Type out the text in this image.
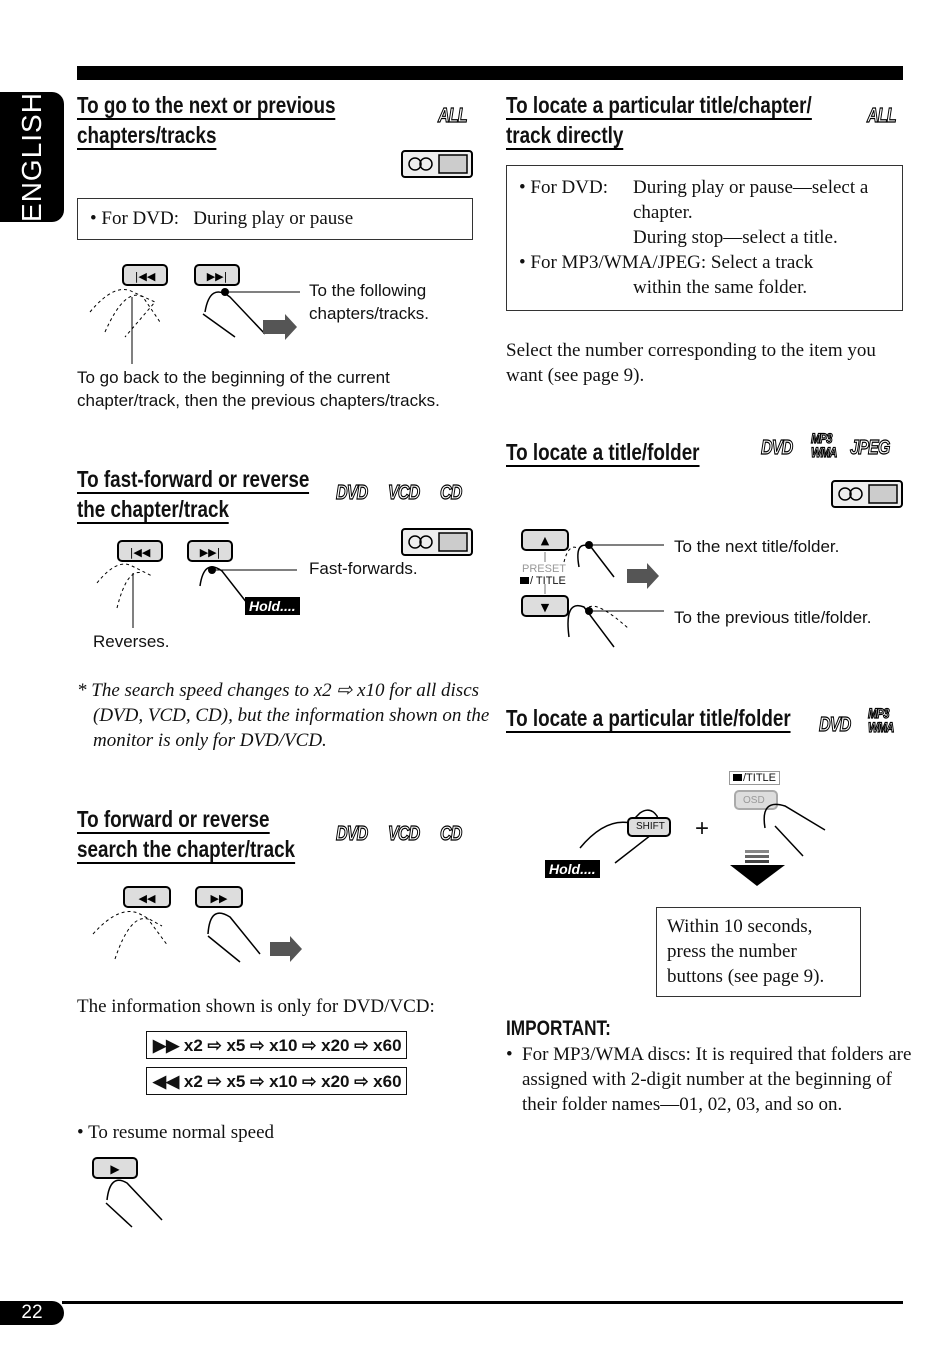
ENGLISH
22
To go to the next or previous
chapters/tracks
ALL
• For DVD: During play or pause
|◀◀	▶▶|
To the following chapters/tracks.
To go back to the beginning of the current chapter/track, then the previous chapters/tracks.
To fast-forward or reverse
the chapter/track
DVD VCD CD
|◀◀	▶▶|
Fast-forwards.
Hold....
Reverses.
* The search speed changes to x2 ⇨ x10 for all discs (DVD, VCD, CD), but the information shown on the monitor is only for DVD/VCD.
To forward or reverse
search the chapter/track
DVD VCD CD
◀◀	▶▶
The information shown is only for DVD/VCD:
▶▶ x2 ⇨ x5 ⇨ x10 ⇨ x20 ⇨ x60
◀◀ x2 ⇨ x5 ⇨ x10 ⇨ x20 ⇨ x60
• To resume normal speed
▶
To locate a particular title/chapter/
track directly
ALL
• For DVD:	During play or pause—select a
chapter.
During stop—select a title.
• For MP3/WMA/JPEG: Select a track
within the same folder.
Select the number corresponding to the item you want (see page 9).
To locate a title/folder	DVD MP3 WMA JPEG
▲
▼
PRESET
/ TITLE
To the next title/folder.
To the previous title/folder.
To locate a particular title/folder DVD
MP3 WMA
SHIFT
OSD
/TITLE
Hold....
+
Within 10 seconds, press the number buttons (see page 9).
IMPORTANT:
• For MP3/WMA discs: It is required that folders are assigned with 2-digit number at the beginning of their folder names—01, 02, 03, and so on.
